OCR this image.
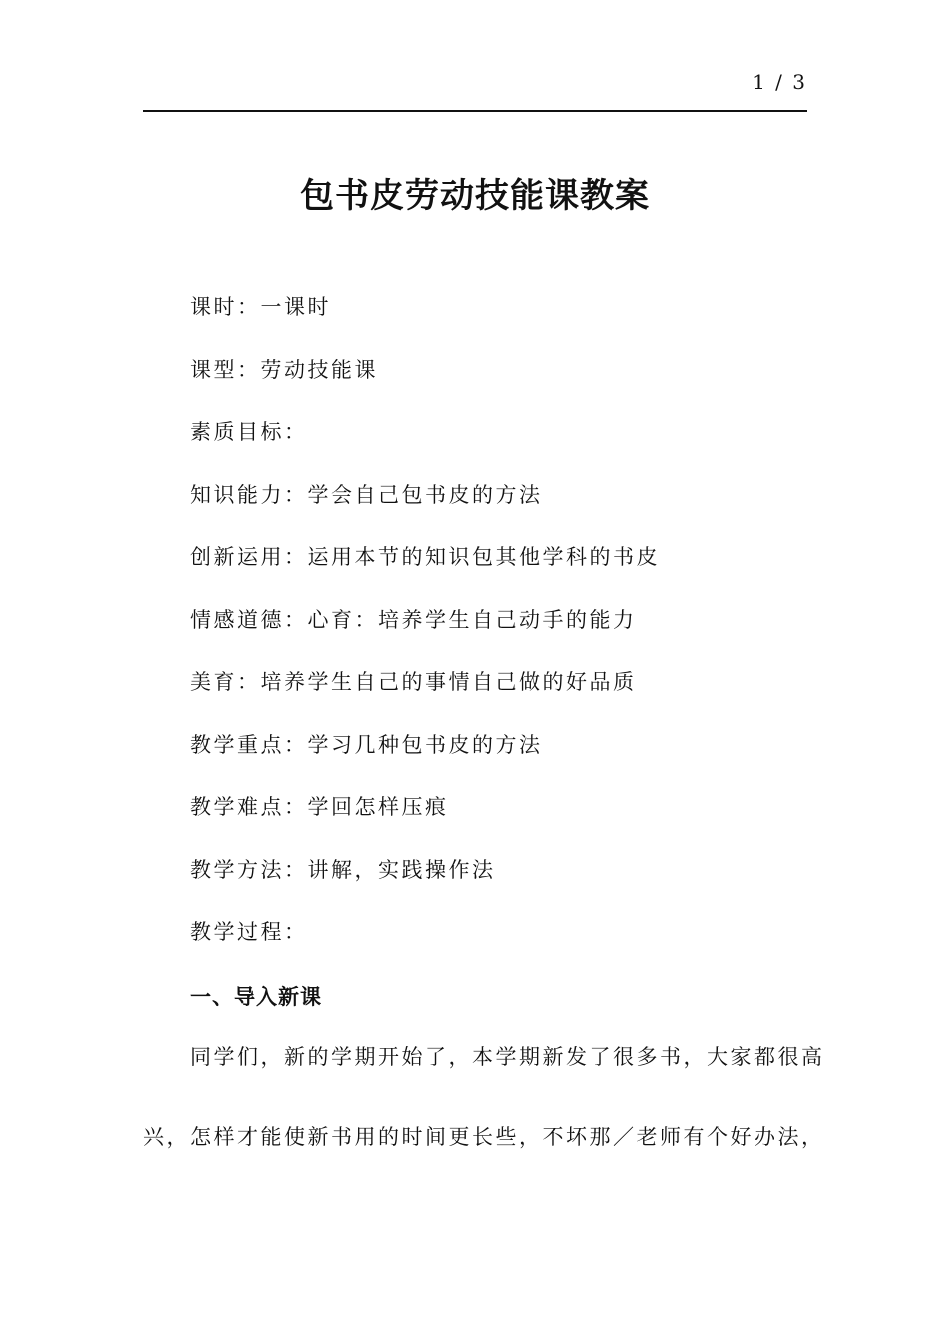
1 / 3
包书皮劳动技能课教案
课时：一课时
课型：劳动技能课
素质目标：
知识能力：学会自己包书皮的方法
创新运用：运用本节的知识包其他学科的书皮
情感道德：心育：培养学生自己动手的能力
美育：培养学生自己的事情自己做的好品质
教学重点：学习几种包书皮的方法
教学难点：学回怎样压痕
教学方法：讲解，实践操作法
教学过程：
一、导入新课
同学们，新的学期开始了，本学期新发了很多书，大家都很高
兴，怎样才能使新书用的时间更长些，不坏那／老师有个好办法，
